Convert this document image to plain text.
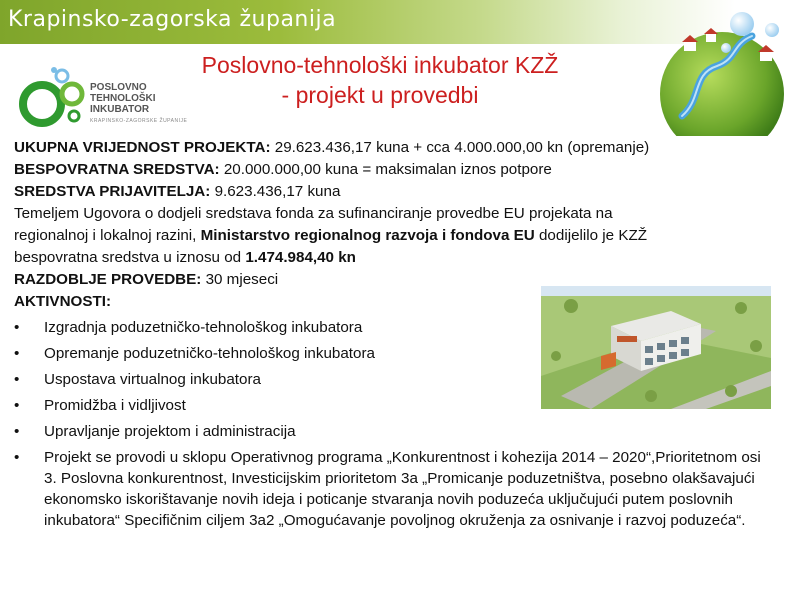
Krapinsko-zagorska županija
POSLOVNO
TEHNOLOŠKI
INKUBATOR
KRAPINSKO-ZAGORSKE ŽUPANIJE
Poslovno-tehnološki inkubator KZŽ
- projekt u provedbi
UKUPNA VRIJEDNOST PROJEKTA: 29.623.436,17 kuna + cca 4.000.000,00 kn (opremanje)
BESPOVRATNA SREDSTVA: 20.000.000,00 kuna = maksimalan iznos potpore
SREDSTVA PRIJAVITELJA: 9.623.436,17 kuna
Temeljem Ugovora o dodjeli sredstava fonda za sufinanciranje provedbe EU projekata na
regionalnoj i lokalnoj razini, Ministarstvo regionalnog razvoja i fondova EU dodijelilo je KZŽ
bespovratna sredstva u iznosu od 1.474.984,40 kn
RAZDOBLJE PROVEDBE: 30 mjeseci
AKTIVNOSTI:
• Izgradnja poduzetničko-tehnološkog inkubatora
• Opremanje poduzetničko-tehnološkog inkubatora
• Uspostava virtualnog inkubatora
• Promidžba i vidljivost
• Upravljanje projektom i administracija
• Projekt se provodi u sklopu Operativnog programa „Konkurentnost i kohezija 2014 – 2020“,Prioritetnom osi 3. Poslovna konkurentnost, Investicijskim prioritetom 3a „Promicanje poduzetništva, posebno olakšavajući ekonomsko iskorištavanje novih ideja i poticanje stvaranja novih poduzeća uključujući putem poslovnih inkubatora“ Specifičnim ciljem 3a2 „Omogućavanje povoljnog okruženja za osnivanje i razvoj poduzeća“.
